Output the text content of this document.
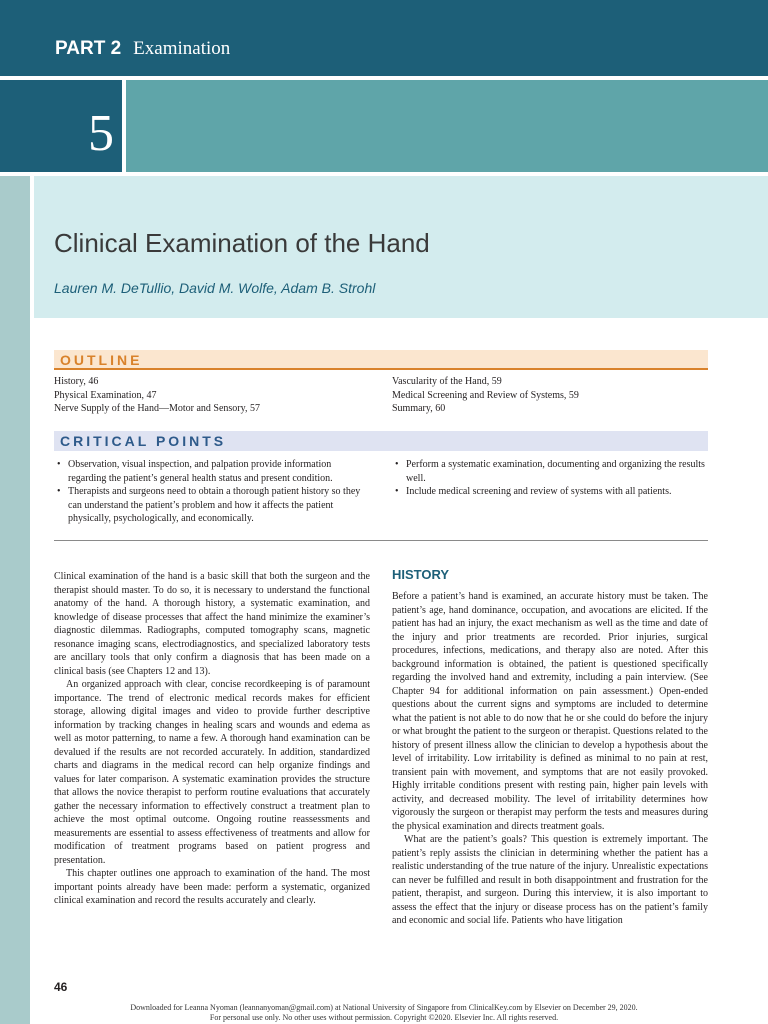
PART 2 Examination
5
Clinical Examination of the Hand
Lauren M. DeTullio, David M. Wolfe, Adam B. Strohl
OUTLINE
History, 46
Physical Examination, 47
Nerve Supply of the Hand—Motor and Sensory, 57
Vascularity of the Hand, 59
Medical Screening and Review of Systems, 59
Summary, 60
CRITICAL POINTS
• Observation, visual inspection, and palpation provide information regarding the patient’s general health status and present condition.
• Therapists and surgeons need to obtain a thorough patient history so they can understand the patient’s problem and how it affects the patient physically, psychologically, and economically.
• Perform a systematic examination, documenting and organizing the results well.
• Include medical screening and review of systems with all patients.

Clinical examination of the hand is a basic skill that both the surgeon and the therapist should master. To do so, it is necessary to understand the functional anatomy of the hand. A thorough history, a systematic examination, and knowledge of disease processes that affect the hand minimize the examiner’s diagnostic dilemmas. Radiographs, computed tomography scans, magnetic resonance imaging scans, electrodiagnostics, and specialized laboratory tests are ancillary tools that only confirm a diagnosis that has been made on a clinical basis (see Chapters 12 and 13).

An organized approach with clear, concise recordkeeping is of paramount importance. The trend of electronic medical records makes for efficient storage, allowing digital images and video to provide further descriptive information by tracking changes in healing scars and wounds and edema as well as motor patterning, to name a few. A thorough hand examination can be devalued if the results are not recorded accurately. In addition, standardized charts and diagrams in the medical record can help organize findings and values for later comparison. A systematic examination provides the structure that allows the novice therapist to perform routine evaluations that accurately gather the necessary information to effectively construct a treatment plan to achieve the most optimal outcome. Ongoing routine reassessments and measurements are essential to assess effectiveness of treatments and allow for modification of treatment programs based on patient progress and presentation.

This chapter outlines one approach to examination of the hand. The most important points already have been made: perform a systematic, organized clinical examination and record the results accurately and clearly.

HISTORY

Before a patient’s hand is examined, an accurate history must be taken. The patient’s age, hand dominance, occupation, and avocations are elicited. If the patient has had an injury, the exact mechanism as well as the time and date of the injury and prior treatments are recorded. Prior injuries, surgical procedures, infections, medications, and therapy also are noted. After this background information is obtained, the patient is questioned specifically regarding the involved hand and extremity, including a pain interview. (See Chapter 94 for additional information on pain assessment.) Open-ended questions about the current signs and symptoms are included to determine what the patient is not able to do now that he or she could do before the injury or what brought the patient to the surgeon or therapist. Questions related to the history of present illness allow the clinician to develop a hypothesis about the level of irritability. Low irritability is defined as minimal to no pain at rest, transient pain with movement, and symptoms that are not easily provoked. Highly irritable conditions present with resting pain, higher pain levels with activity, and decreased mobility. The level of irritability determines how vigorously the surgeon or therapist may perform the tests and measures during the physical examination and directs treatment goals.

What are the patient’s goals? This question is extremely important. The patient’s reply assists the clinician in determining whether the patient has a realistic understanding of the true nature of the injury. Unrealistic expectations can never be fulfilled and result in both disappointment and frustration for the patient, therapist, and surgeon. During this interview, it is also important to assess the effect that the injury or disease process has on the patient’s family and economic and social life. Patients who have litigation

46
Downloaded for Leanna Nyoman (leannanyoman@gmail.com) at National University of Singapore from ClinicalKey.com by Elsevier on December 29, 2020.
For personal use only. No other uses without permission. Copyright ©2020. Elsevier Inc. All rights reserved.
